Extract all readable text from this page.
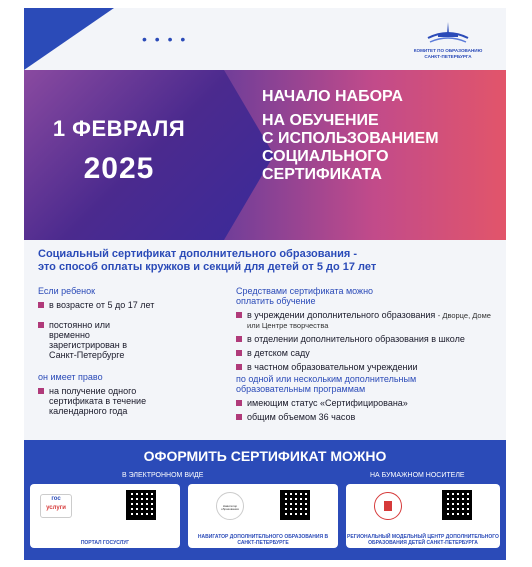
• • • •
КОМИТЕТ ПО ОБРАЗОВАНИЮ
САНКТ-ПЕТЕРБУРГА
1 ФЕВРАЛЯ
2025
НАЧАЛО НАБОРА
НА ОБУЧЕНИЕ
С ИСПОЛЬЗОВАНИЕМ
СОЦИАЛЬНОГО
СЕРТИФИКАТА
Социальный сертификат дополнительного образования -
это способ оплаты кружков и секций для детей от 5 до 17 лет
Если ребенок
в возрасте от 5 до 17 лет
постоянно или временно зарегистрирован в Санкт-Петербурге
он имеет право
на получение одного сертификата в течение календарного года
Средствами сертификата можно оплатить обучение
в учреждении дополнительного образования - Дворце, Доме или Центре творчества
в отделении дополнительного образования в школе
в детском саду
в частном образовательном учреждении
по одной или нескольким дополнительным образовательным программам
имеющим статус «Сертифицирована»
общим объемом 36 часов
ОФОРМИТЬ СЕРТИФИКАТ МОЖНО
В ЭЛЕКТРОННОМ ВИДЕ	НА БУМАЖНОМ НОСИТЕЛЕ
гос
услуги
ПОРТАЛ ГОСУСЛУГ
Навигатор образования
НАВИГАТОР ДОПОЛНИТЕЛЬНОГО ОБРАЗОВАНИЯ В САНКТ-ПЕТЕРБУРГЕ
РЕГИОНАЛЬНЫЙ МОДЕЛЬНЫЙ ЦЕНТР ДОПОЛНИТЕЛЬНОГО ОБРАЗОВАНИЯ ДЕТЕЙ САНКТ-ПЕТЕРБУРГА
